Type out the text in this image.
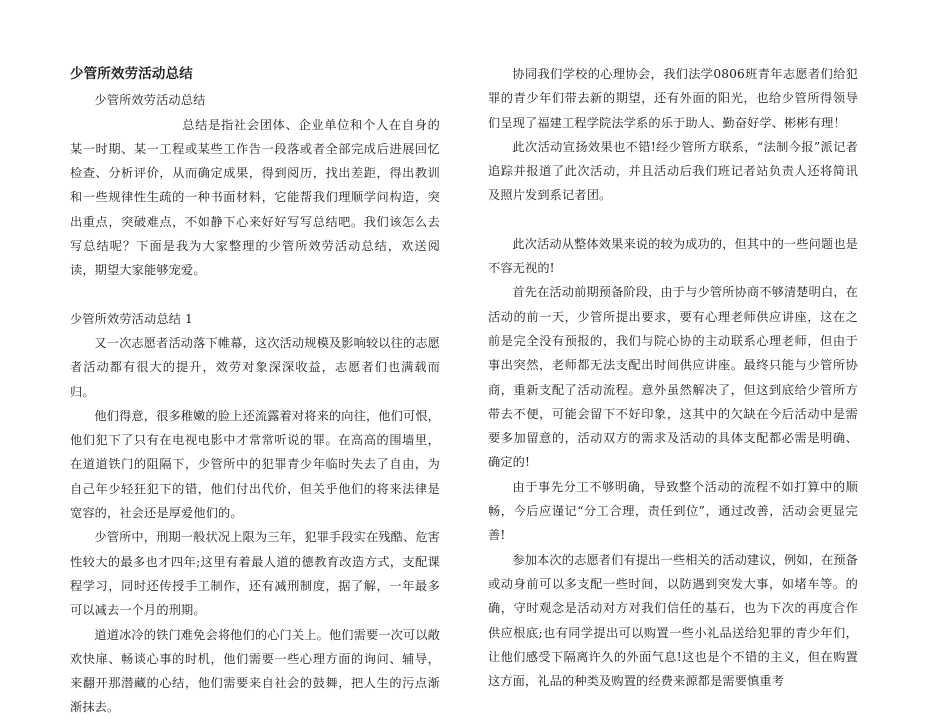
少管所效劳活动总结

少管所效劳活动总结

总结是指社会团体、企业单位和个人在自身的某一时期、某一工程或某些工作告一段落或者全部完成后进展回忆检查、分析评价，从而确定成果，得到阅历，找出差距，得出教训和一些规律性生疏的一种书面材料，它能帮我们理顺学问构造，突出重点，突破难点，不如静下心来好好写写总结吧。我们该怎么去写总结呢？下面是我为大家整理的少管所效劳活动总结，欢送阅读，期望大家能够宠爱。

少管所效劳活动总结 1

又一次志愿者活动落下帷幕，这次活动规模及影响较以往的志愿者活动都有很大的提升，效劳对象深深收益，志愿者们也满载而归。

他们得意，很多稚嫩的脸上还流露着对将来的向往，他们可恨，他们犯下了只有在电视电影中才常常听说的罪。在高高的围墙里，在道道铁门的阻隔下，少管所中的犯罪青少年临时失去了自由，为自己年少轻狂犯下的错，他们付出代价，但关乎他们的将来法律是宽容的，社会还是厚爱他们的。

少管所中，刑期一般状况上限为三年，犯罪手段实在残酷、危害性较大的最多也才四年;这里有着最人道的德教育改造方式，支配课程学习，同时还传授手工制作，还有减刑制度，据了解，一年最多可以减去一个月的刑期。

道道冰冷的铁门难免会将他们的心门关上。他们需要一次可以敞欢快扉、畅谈心事的时机，他们需要一些心理方面的询问、辅导，来翻开那潜藏的心结，他们需要来自社会的鼓舞，把人生的污点渐渐抹去。

协同我们学校的心理协会，我们法学0806班青年志愿者们给犯罪的青少年们带去新的期望，还有外面的阳光，也给少管所得领导们呈现了福建工程学院法学系的乐于助人、勤奋好学、彬彬有理！

此次活动宣扬效果也不错!经少管所方联系，“法制今报”派记者追踪并报道了此次活动，并且活动后我们班记者站负责人还将简讯及照片发到系记者团。

此次活动从整体效果来说的较为成功的，但其中的一些问题也是不容无视的!

首先在活动前期预备阶段，由于与少管所协商不够清楚明白，在活动的前一天，少管所提出要求，要有心理老师供应讲座，这在之前是完全没有预报的，我们与院心协的主动联系心理老师，但由于事出突然，老师都无法支配出时间供应讲座。最终只能与少管所协商，重新支配了活动流程。意外虽然解决了，但这到底给少管所方带去不便，可能会留下不好印象，这其中的欠缺在今后活动中是需要多加留意的，活动双方的需求及活动的具体支配都必需是明确、确定的!

由于事先分工不够明确，导致整个活动的流程不如打算中的顺畅，今后应谨记“分工合理，责任到位”，通过改善，活动会更显完善!

参加本次的志愿者们有提出一些相关的活动建议，例如，在预备或动身前可以多支配一些时间，以防遇到突发大事，如堵车等。的确，守时观念是活动对方对我们信任的基石，也为下次的再度合作供应根底;也有同学提出可以购置一些小礼品送给犯罪的青少年们，让他们感受下隔离许久的外面气息!这也是个不错的主义，但在购置这方面，礼品的种类及购置的经费来源都是需要慎重考
